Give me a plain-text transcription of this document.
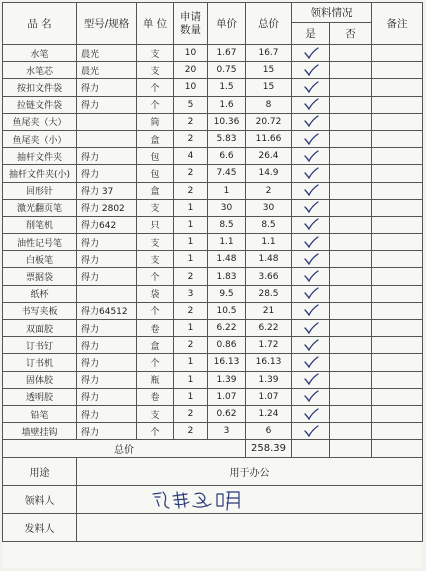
品 名	型号/规格	单 位	申请
数量	单价	总价	领料情况		备注
						是	否	
水笔	晨光	支	10	1.67	16.7	

水笔芯	晨光	支	20	0.75	15	

按扣文件袋	得力	个	10	1.5	15	

拉链文件袋	得力	个	5	1.6	8	

鱼尾夹（大）		筒	2	10.36	20.72	

鱼尾夹（小）		盒	2	5.83	11.66	

抽杆文件夹	得力	包	4	6.6	26.4	

抽杆文件夹(小)	得力	包	2	7.45	14.9	

回形针	得力 37	盒	2	1	2	

激光翻页笔	得力 2802	支	1	30	30	

削笔机	得力642	只	1	8.5	8.5	

油性记号笔	得力	支	1	1.1	1.1	

白板笔	得力	支	1	1.48	1.48	

票据袋	得力	个	2	1.83	3.66	

纸杯		袋	3	9.5	28.5	

书写夹板	得力64512	个	2	10.5	21	

双面胶	得力	卷	1	6.22	6.22	

订书钉	得力	盒	2	0.86	1.72	

订书机	得力	个	1	16.13	16.13	

固体胶	得力	瓶	1	1.39	1.39	

透明胶	得力	卷	1	1.07	1.07	

铅笔	得力	支	2	0.62	1.24	

墙壁挂钩	得力	个	2	3	6	

总价					258.39			
用途	用于办公							
领料人	

发料人								
